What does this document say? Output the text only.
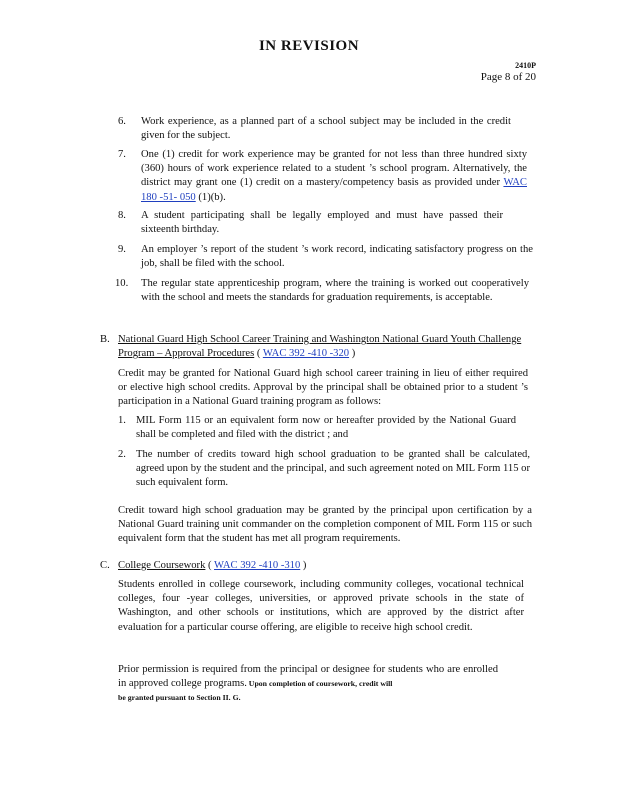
IN REVISION
2410P
Page 8 of 20
6. Work experience, as a planned part of a school subject may be included in the credit given for the subject.
7. One (1) credit for work experience may be granted for not less than three hundred sixty (360) hours of work experience related to a student ’s school program. Alternatively, the district may grant one (1) credit on a mastery/competency basis as provided under WAC 180 -51- 050 (1)(b).
8. A student participating shall be legally employed and must have passed their sixteenth birthday.
9. An employer ’s report of the student ’s work record, indicating satisfactory progress on the job, shall be filed with the school.
10. The regular state apprenticeship program, where the training is worked out cooperatively with the school and meets the standards for graduation requirements, is acceptable.
B. National Guard High School Career Training and Washington National Guard Youth Challenge Program – Approval Procedures ( WAC 392 -410 -320 )
Credit may be granted for National Guard high school career training in lieu of either required or elective high school credits. Approval by the principal shall be obtained prior to a student ’s participation in a National Guard training program as follows:
1. MIL Form 115 or an equivalent form now or hereafter provided by the National Guard shall be completed and filed with the district ; and
2. The number of credits toward high school graduation to be granted shall be calculated, agreed upon by the student and the principal, and such agreement noted on MIL Form 115 or such equivalent form.
Credit toward high school graduation may be granted by the principal upon certification by a National Guard training unit commander on the completion component of MIL Form 115 or such equivalent form that the student has met all program requirements.
C. College Coursework ( WAC 392 -410 -310 )
Students enrolled in college coursework, including community colleges, vocational technical colleges, four -year colleges, universities, or approved private schools in the state of Washington, and other schools or institutions, which are approved by the district after evaluation for a particular course offering, are eligible to receive high school credit.
Prior permission is required from the principal or designee for students who are enrolled in approved college programs. Upon completion of coursework, credit will
be granted pursuant to Section II. G.
